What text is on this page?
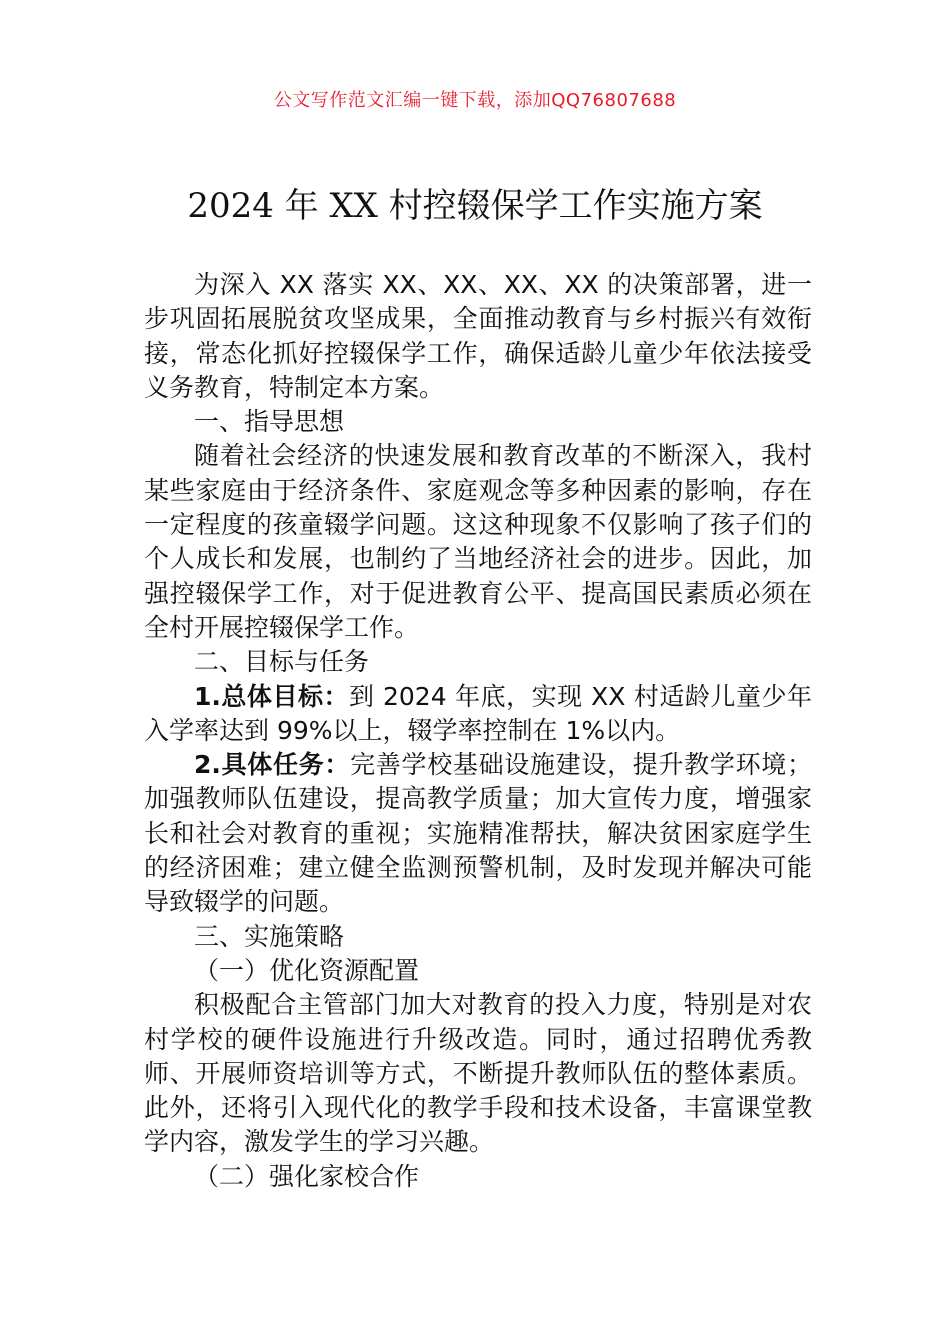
公文写作范文汇编一键下载，添加QQ76807688
2024 年 XX 村控辍保学工作实施方案

为深入 XX 落实 XX、XX、XX、XX 的决策部署，进一步巩固拓展脱贫攻坚成果，全面推动教育与乡村振兴有效衔接，常态化抓好控辍保学工作，确保适龄儿童少年依法接受义务教育，特制定本方案。

一、指导思想

随着社会经济的快速发展和教育改革的不断深入，我村某些家庭由于经济条件、家庭观念等多种因素的影响，存在一定程度的孩童辍学问题。这这种现象不仅影响了孩子们的个人成长和发展，也制约了当地经济社会的进步。因此，加强控辍保学工作，对于促进教育公平、提高国民素质必须在全村开展控辍保学工作。

二、目标与任务

1.总体目标：到 2024 年底，实现 XX 村适龄儿童少年入学率达到 99%以上，辍学率控制在 1%以内。

2.具体任务：完善学校基础设施建设，提升教学环境；加强教师队伍建设，提高教学质量；加大宣传力度，增强家长和社会对教育的重视；实施精准帮扶，解决贫困家庭学生的经济困难；建立健全监测预警机制，及时发现并解决可能导致辍学的问题。

三、实施策略

（一）优化资源配置

积极配合主管部门加大对教育的投入力度，特别是对农村学校的硬件设施进行升级改造。同时，通过招聘优秀教师、开展师资培训等方式，不断提升教师队伍的整体素质。此外，还将引入现代化的教学手段和技术设备，丰富课堂教学内容，激发学生的学习兴趣。

（二）强化家校合作
